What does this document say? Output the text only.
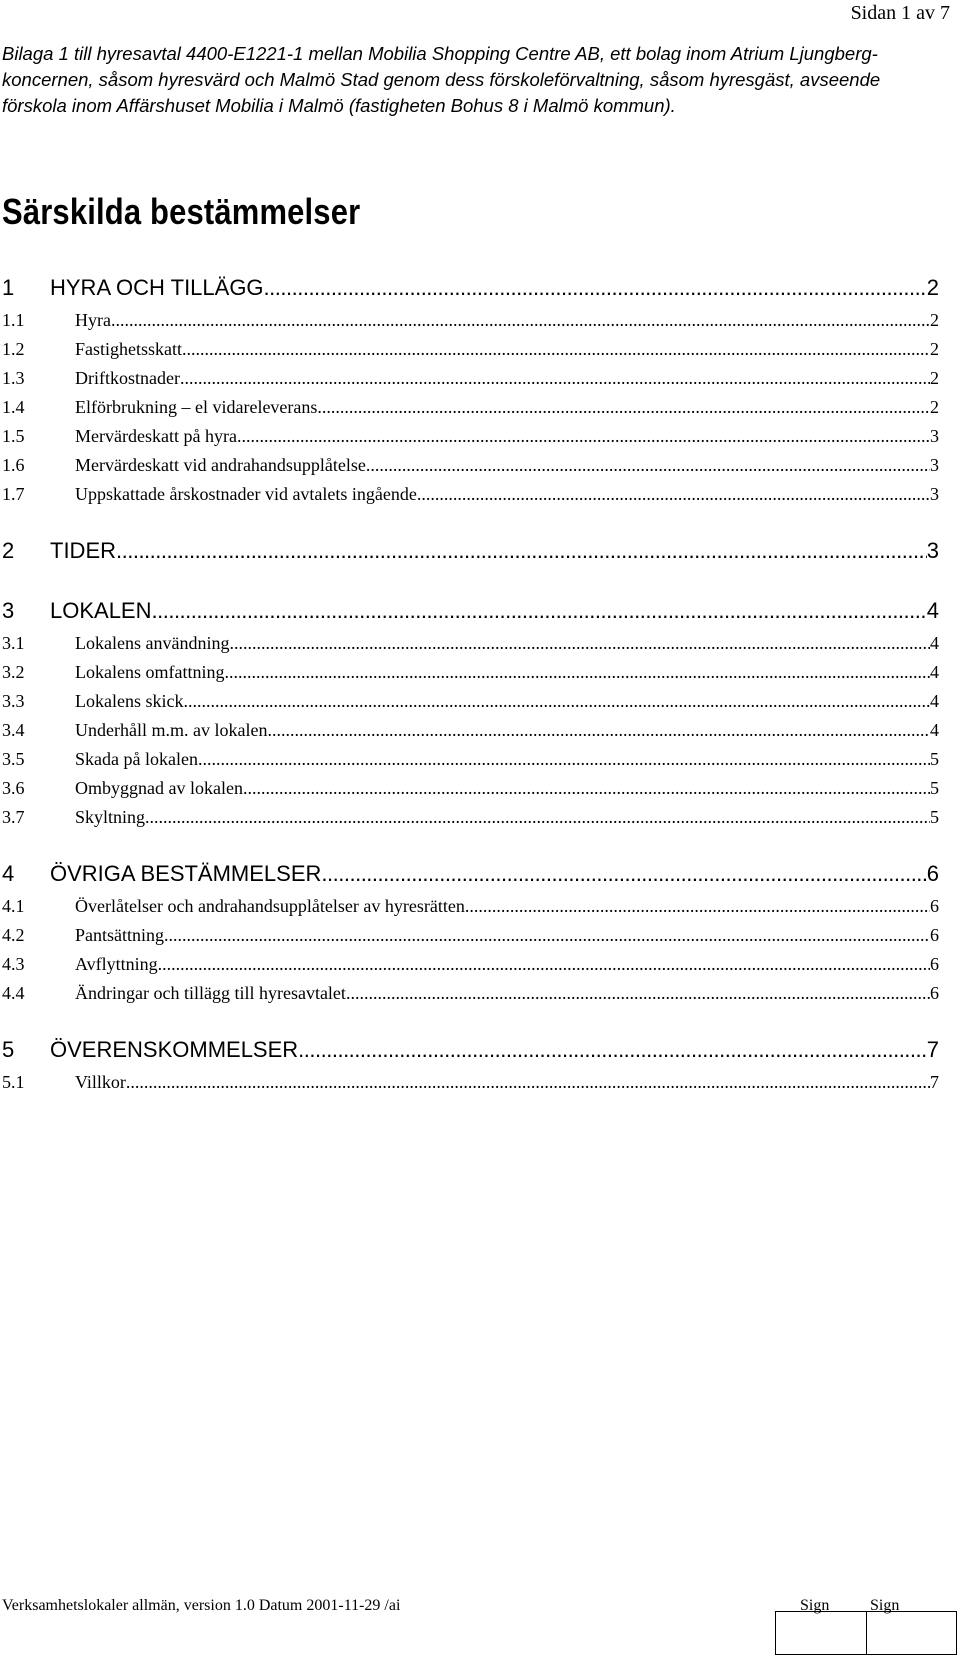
Sidan 1 av 7

Bilaga 1 till hyresavtal 4400-E1221-1 mellan Mobilia Shopping Centre AB, ett bolag inom Atrium Ljungberg-koncernen, såsom hyresvärd och Malmö Stad genom dess förskoleförvaltning, såsom hyresgäst, avseende förskola inom Affärshuset Mobilia i Malmö (fastigheten Bohus 8 i Malmö kommun).

Särskilda bestämmelser
1	HYRA OCH TILLÄGG .....	2
1.1	Hyra .....	2
1.2	Fastighetsskatt .....	2
1.3	Driftkostnader .....	2
1.4	Elförbrukning – el vidareleverans .....	2
1.5	Mervärdeskatt på hyra .....	3
1.6	Mervärdeskatt vid andrahandsupplåtelse .....	3
1.7	Uppskattade årskostnader vid avtalets ingående .....	3
2	TIDER .....	3
3	LOKALEN .....	4
3.1	Lokalens användning .....	4
3.2	Lokalens omfattning .....	4
3.3	Lokalens skick .....	4
3.4	Underhåll m.m. av lokalen .....	4
3.5	Skada på lokalen .....	5
3.6	Ombyggnad av lokalen .....	5
3.7	Skyltning .....	5
4	ÖVRIGA BESTÄMMELSER .....	6
4.1	Överlåtelser och andrahandsupplåtelser av hyresrätten .....	6
4.2	Pantsättning .....	6
4.3	Avflyttning .....	6
4.4	Ändringar och tillägg till hyresavtalet .....	6
5	ÖVERENSKOMMELSER .....	7
5.1	Villkor .....	7
Verksamhetslokaler allmän, version 1.0 Datum 2001-11-29 /ai	Sign	Sign
